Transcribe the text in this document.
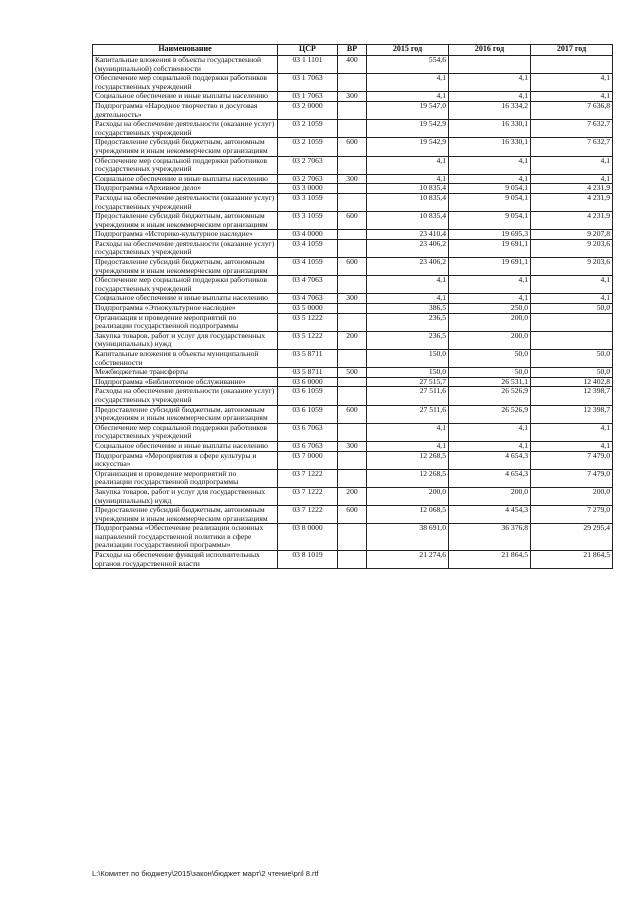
Наименование	ЦСР	ВР	2015 год	2016 год	2017 год
Капитальные вложения в объекты государственной (муниципальной) собственности	03 1 1101	400	554,6		
Обеспечение мер социальной поддержки работников государственных учреждений	03 1 7063		4,1	4,1	4,1
Социальное обеспечение и иные выплаты населению	03 1 7063	300	4,1	4,1	4,1
Подпрограмма «Народное творчество и досуговая деятельность»	03 2 0000		19 547,0	16 334,2	7 636,8
Расходы на обеспечение деятельности (оказание услуг) государственных учреждений	03 2 1059		19 542,9	16 330,1	7 632,7
Предоставление субсидий бюджетным, автономным учреждениям и иным некоммерческим организациям	03 2 1059	600	19 542,9	16 330,1	7 632,7
Обеспечение мер социальной поддержки работников государственных учреждений	03 2 7063		4,1	4,1	4,1
Социальное обеспечение и иные выплаты населению	03 2 7063	300	4,1	4,1	4,1
Подпрограмма «Архивное дело»	03 3 0000		10 835,4	9 054,1	4 231,9
Расходы на обеспечение деятельности (оказание услуг) государственных учреждений	03 3 1059		10 835,4	9 054,1	4 231,9
Предоставление субсидий бюджетным, автономным учреждениям и иным некоммерческим организациям	03 3 1059	600	10 835,4	9 054,1	4 231,9
Подпрограмма «Историко-культурное наследие»	03 4 0000		23 410,4	19 695,3	9 207,8
Расходы на обеспечение деятельности (оказание услуг) государственных учреждений	03 4 1059		23 406,2	19 691,1	9 203,6
Предоставление субсидий бюджетным, автономным учреждениям и иным некоммерческим организациям	03 4 1059	600	23 406,2	19 691,1	9 203,6
Обеспечение мер социальной поддержки работников государственных учреждений	03 4 7063		4,1	4,1	4,1
Социальное обеспечение и иные выплаты населению	03 4 7063	300	4,1	4,1	4,1
Подпрограмма «Этнокультурное наследие»	03 5 0000		386,5	250,0	50,0
Организация и проведение мероприятий по реализации государственной подпрограммы	03 5 1222		236,5	200,0	
Закупка товаров, работ и услуг для государственных (муниципальных) нужд	03 5 1222	200	236,5	200,0	
Капитальные вложения в объекты муниципальной собственности	03 5 8711		150,0	50,0	50,0
Межбюджетные трансферты	03 5 8711	500	150,0	50,0	50,0
Подпрограмма «Библиотечное обслуживание»	03 6 0000		27 515,7	26 531,1	12 402,8
Расходы на обеспечение деятельности (оказание услуг) государственных учреждений	03 6 1059		27 511,6	26 526,9	12 398,7
Предоставление субсидий бюджетным, автономным учреждениям и иным некоммерческим организациям	03 6 1059	600	27 511,6	26 526,9	12 398,7
Обеспечение мер социальной поддержки работников государственных учреждений	03 6 7063		4,1	4,1	4,1
Социальное обеспечение и иные выплаты населению	03 6 7063	300	4,1	4,1	4,1
Подпрограмма «Мероприятия в сфере культуры и искусства»	03 7 0000		12 268,5	4 654,3	7 479,0
Организация и проведение мероприятий по реализации государственной подпрограммы	03 7 1222		12 268,5	4 654,3	7 479,0
Закупка товаров, работ и услуг для государственных (муниципальных) нужд	03 7 1222	200	200,0	200,0	200,0
Предоставление субсидий бюджетным, автономным учреждениям и иным некоммерческим организациям	03 7 1222	600	12 068,5	4 454,3	7 279,0
Подпрограмма «Обеспечение реализации основных направлений государственной политики в сфере реализации государственной программы»	03 8 0000		38 691,0	36 376,8	29 295,4
Расходы на обеспечение функций исполнительных органов государственной власти	03 8 1019		21 274,6	21 864,5	21 864,5
L:\Комитет по бюджету\2015\закон\бюджет март\2 чтение\pril 8.rtf
